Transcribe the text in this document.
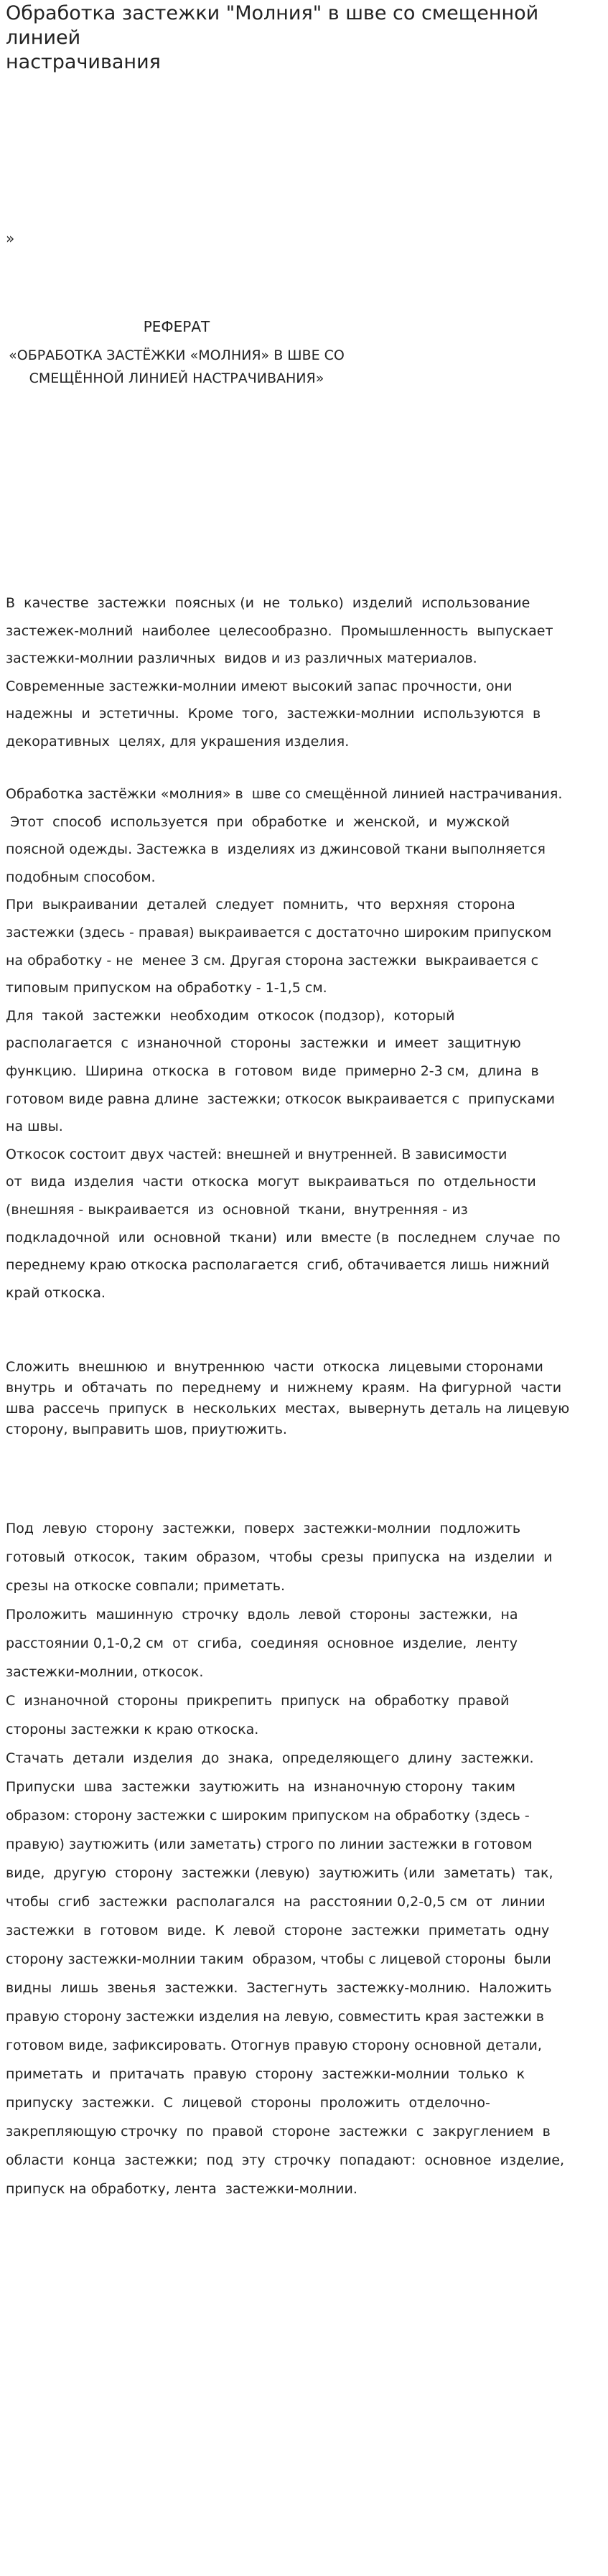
Обработка застежки "Молния" в шве со смещенной линией
настрачивания
»
РЕФЕРАТ
«ОБРАБОТКА ЗАСТЁЖКИ «МОЛНИЯ» В ШВЕ СО
СМЕЩЁННОЙ ЛИНИЕЙ НАСТРАЧИВАНИЯ»
В  качестве  застежки  поясных (и  не  только)  изделий  использование
застежек-молний  наиболее  целесообразно.  Промышленность  выпускает
застежки-молнии различных  видов и из различных материалов.
Современные застежки-молнии имеют высокий запас прочности, они
надежны  и  эстетичны.  Кроме  того,  застежки-молнии  используются  в
декоративных  целях, для украшения изделия.
Обработка застёжки «молния» в  шве со смещённой линией настрачивания.
Этот  способ  используется  при  обработке  и  женской,  и  мужской
поясной одежды. Застежка в  изделиях из джинсовой ткани выполняется
подобным способом.
При  выкраивании  деталей  следует  помнить,  что  верхняя  сторона
застежки (здесь - правая) выкраивается с достаточно широким припуском
на обработку - не  менее 3 см. Другая сторона застежки  выкраивается с
типовым припуском на обработку - 1-1,5 см.
Для  такой  застежки  необходим  откосок (подзор),  который
располагается  с  изнаночной  стороны  застежки  и  имеет  защитную
функцию.  Ширина  откоска  в  готовом  виде  примерно 2-3 см,  длина  в
готовом виде равна длине  застежки; откосок выкраивается с  припусками
на швы.
Откосок состоит двух частей: внешней и внутренней. В зависимости
от  вида  изделия  части  откоска  могут  выкраиваться  по  отдельности
(внешняя - выкраивается  из  основной  ткани,  внутренняя - из
подкладочной  или  основной  ткани)  или  вместе (в  последнем  случае  по
переднему краю откоска располагается  сгиб, обтачивается лишь нижний
край откоска.
Сложить  внешнюю  и  внутреннюю  части  откоска  лицевыми сторонами
внутрь  и  обтачать  по  переднему  и  нижнему  краям.  На фигурной  части
шва  рассечь  припуск  в  нескольких  местах,  вывернуть деталь на лицевую
сторону, выправить шов, приутюжить.
Под  левую  сторону  застежки,  поверх  застежки-молнии  подложить
готовый  откосок,  таким  образом,  чтобы  срезы  припуска  на  изделии  и
срезы на откоске совпали; приметать.
Проложить  машинную  строчку  вдоль  левой  стороны  застежки,  на
расстоянии 0,1-0,2 см  от  сгиба,  соединяя  основное  изделие,  ленту
застежки-молнии, откосок.
С  изнаночной  стороны  прикрепить  припуск  на  обработку  правой
стороны застежки к краю откоска.
Стачать  детали  изделия  до  знака,  определяющего  длину  застежки.
Припуски  шва  застежки  заутюжить  на  изнаночную сторону  таким
образом: сторону застежки с широким припуском на обработку (здесь -
правую) заутюжить (или заметать) строго по линии застежки в готовом
виде,  другую  сторону  застежки (левую)  заутюжить (или  заметать)  так,
чтобы  сгиб  застежки  располагался  на  расстоянии 0,2-0,5 см  от  линии
застежки  в  готовом  виде.  К  левой  стороне  застежки  приметать  одну
сторону застежки-молнии таким  образом, чтобы с лицевой стороны  были
видны  лишь  звенья  застежки.  Застегнуть  застежку-молнию.  Наложить
правую сторону застежки изделия на левую, совместить края застежки в
готовом виде, зафиксировать. Отогнув правую сторону основной детали,
приметать  и  притачать  правую  сторону  застежки-молнии  только  к
припуску  застежки.  С  лицевой  стороны  проложить  отделочно-
закрепляющую строчку  по  правой  стороне  застежки  с  закруглением  в
области  конца  застежки;  под  эту  строчку  попадают:  основное  изделие,
припуск на обработку, лента  застежки-молнии.
